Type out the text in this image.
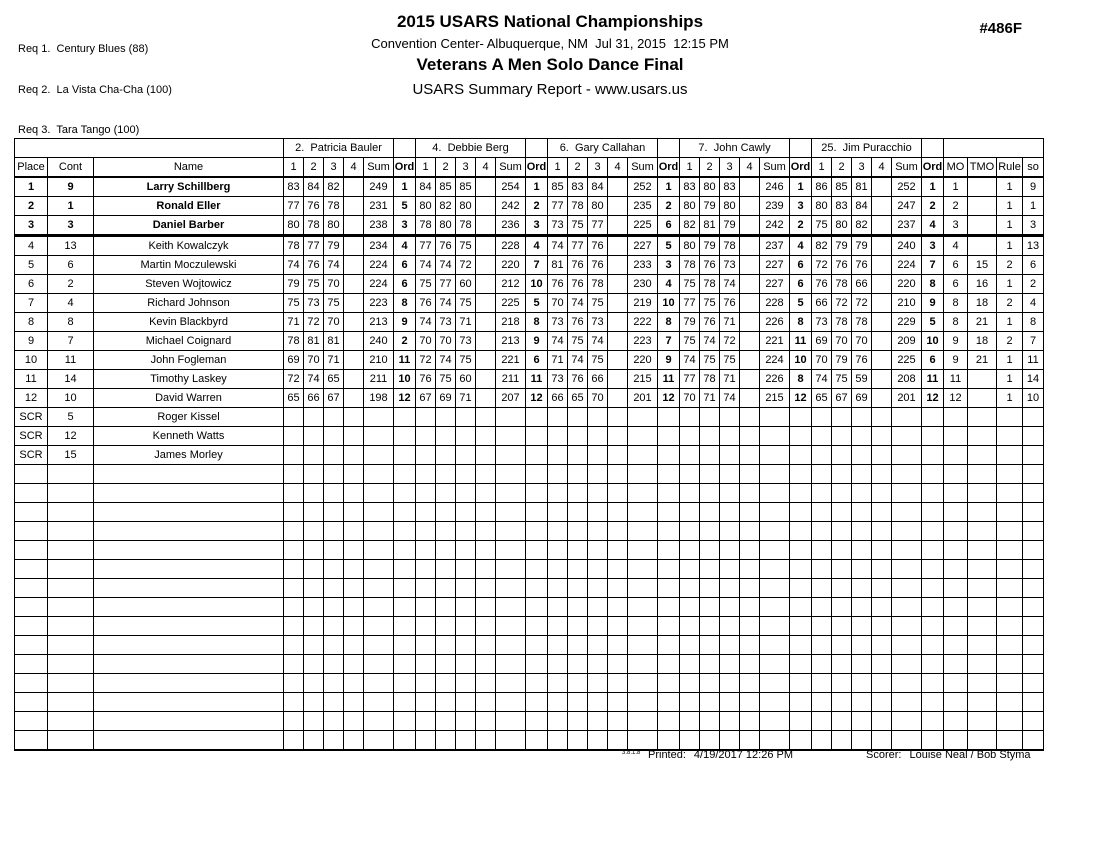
Req 1.  Century Blues (88)

Req 2.  La Vista Cha-Cha (100)

Req 3.  Tara Tango (100)

2015 USARS National Championships
Convention Center- Albuquerque, NM  Jul 31, 2015  12:15 PM
Veterans A Men Solo Dance Final
USARS Summary Report - www.usars.us
#486F
			2.  Patricia Bauler						4.  Debbie Berg						6.  Gary Callahan						7.  John Cawly						25.  Jim Puracchio									
Place	Cont	Name	1	2	3	4	Sum	Ord	1	2	3	4	Sum	Ord	1	2	3	4	Sum	Ord	1	2	3	4	Sum	Ord	1	2	3	4	Sum	Ord	MO	TMO	Rule	so
1	9	Larry Schillberg	83	84	82		249	1	84	85	85		254	1	85	83	84		252	1	83	80	83		246	1	86	85	81		252	1	1		1	9
2	1	Ronald Eller	77	76	78		231	5	80	82	80		242	2	77	78	80		235	2	80	79	80		239	3	80	83	84		247	2	2		1	1
3	3	Daniel Barber	80	78	80		238	3	78	80	78		236	3	73	75	77		225	6	82	81	79		242	2	75	80	82		237	4	3		1	3
4	13	Keith Kowalczyk	78	77	79		234	4	77	76	75		228	4	74	77	76		227	5	80	79	78		237	4	82	79	79		240	3	4		1	13
5	6	Martin Moczulewski	74	76	74		224	6	74	74	72		220	7	81	76	76		233	3	78	76	73		227	6	72	76	76		224	7	6	15	2	6
6	2	Steven Wojtowicz	79	75	70		224	6	75	77	60		212	10	76	76	78		230	4	75	78	74		227	6	76	78	66		220	8	6	16	1	2
7	4	Richard Johnson	75	73	75		223	8	76	74	75		225	5	70	74	75		219	10	77	75	76		228	5	66	72	72		210	9	8	18	2	4
8	8	Kevin Blackbyrd	71	72	70		213	9	74	73	71		218	8	73	76	73		222	8	79	76	71		226	8	73	78	78		229	5	8	21	1	8
9	7	Michael Coignard	78	81	81		240	2	70	70	73		213	9	74	75	74		223	7	75	74	72		221	11	69	70	70		209	10	9	18	2	7
10	11	John Fogleman	69	70	71		210	11	72	74	75		221	6	71	74	75		220	9	74	75	75		224	10	70	79	76		225	6	9	21	1	11
11	14	Timothy Laskey	72	74	65		211	10	76	75	60		211	11	73	76	66		215	11	77	78	71		226	8	74	75	59		208	11	11		1	14
12	10	David Warren	65	66	67		198	12	67	69	71		207	12	66	65	70		201	12	70	71	74		215	12	65	67	69		201	12	12		1	10
SCR	5	Roger Kissel																																		
SCR	12	Kenneth Watts																																		
SCR	15	James Morley																																		

3.8.1.8 Printed: 4/19/2017 12:26 PM	Scorer: Louise Neal / Bob Styma
